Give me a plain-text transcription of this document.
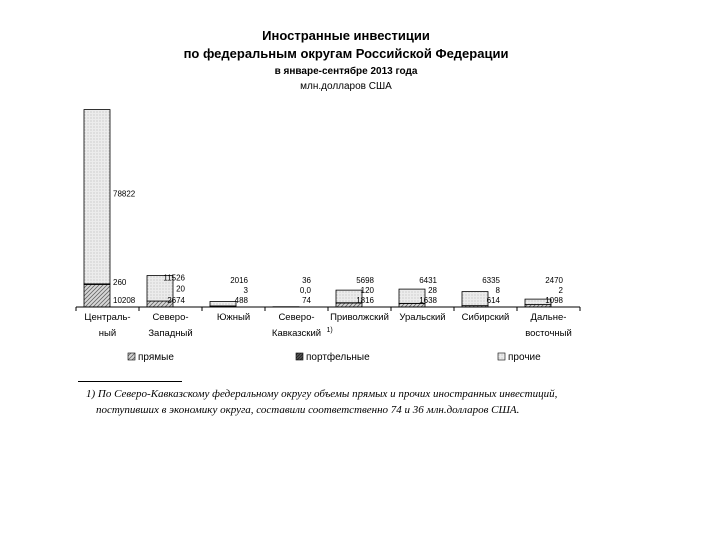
Иностранные инвестиции
по федеральным округам Российской Федерации
в январе-сентябре 2013 года
млн.долларов США
10208
260
78822
2674
20
11526
488
3
2016
74
0,0
36
1816
120
5698
1638
28
6431
614
8
6335
1098
2
2470
Централь-
ный
Северо-
Западный
Южный	Северо-
Кавказский 1)
Приволжский Уральский Сибирский Дальне-
восточный
прямые	портфельные	прочие
1) По Северо-Кавказскому федеральному округу объемы прямых и прочих иностранных инвестиций,
поступивших в экономику округа, составили соответственно 74 и 36 млн.долларов США.
